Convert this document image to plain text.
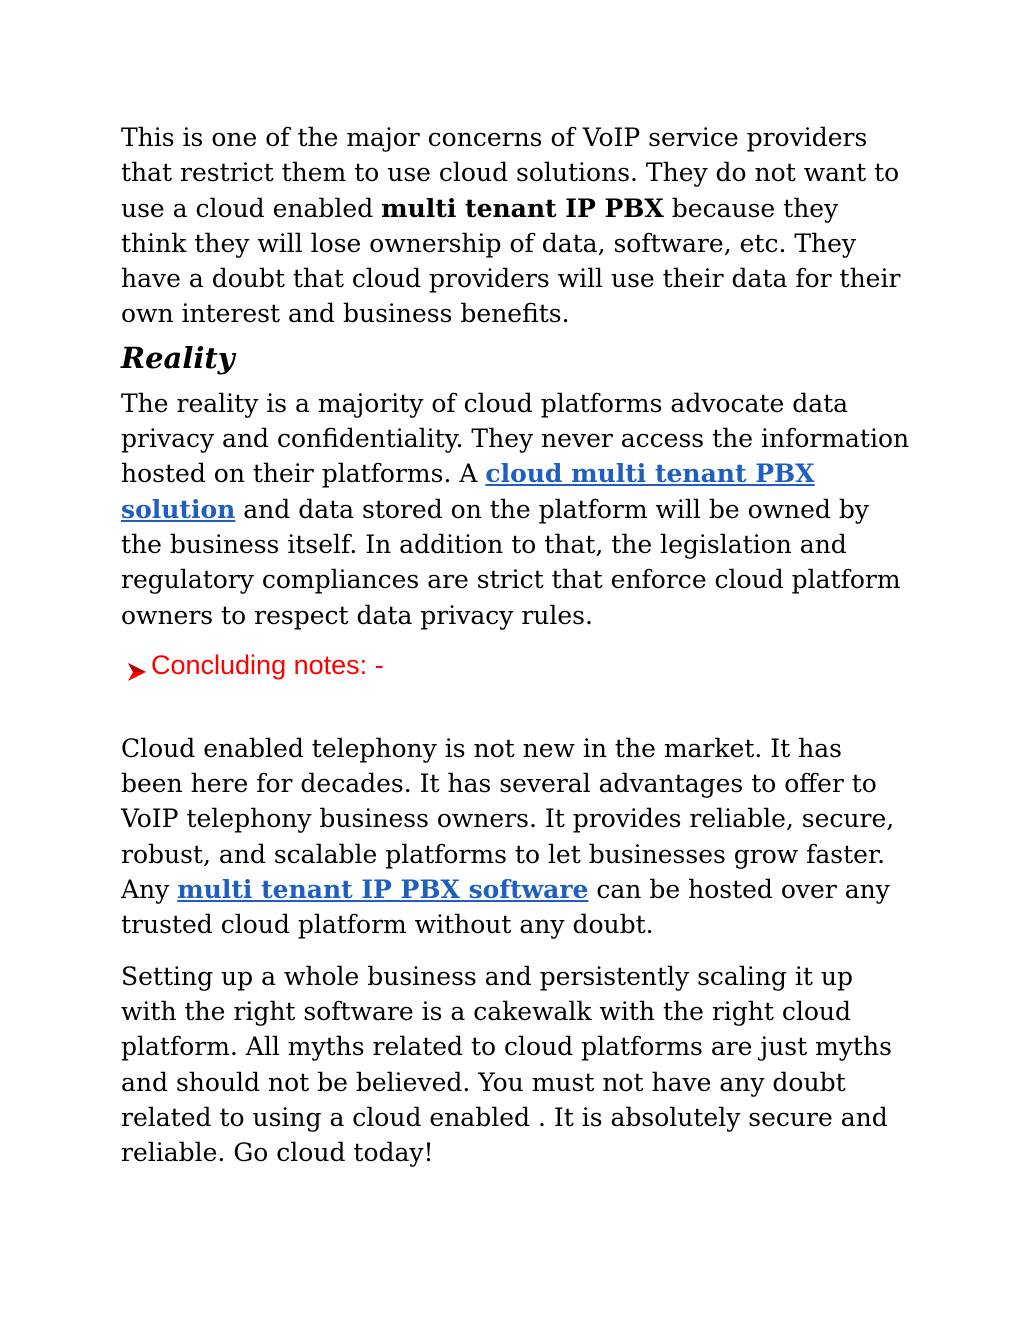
This is one of the major concerns of VoIP service providers that restrict them to use cloud solutions. They do not want to use a cloud enabled multi tenant IP PBX because they think they will lose ownership of data, software, etc. They have a doubt that cloud providers will use their data for their own interest and business benefits.

Reality

The reality is a majority of cloud platforms advocate data privacy and confidentiality. They never access the information hosted on their platforms. A cloud multi tenant PBX solution and data stored on the platform will be owned by the business itself. In addition to that, the legislation and regulatory compliances are strict that enforce cloud platform owners to respect data privacy rules.

Concluding notes: -

Cloud enabled telephony is not new in the market. It has been here for decades. It has several advantages to offer to VoIP telephony business owners. It provides reliable, secure, robust, and scalable platforms to let businesses grow faster. Any multi tenant IP PBX software can be hosted over any trusted cloud platform without any doubt.

Setting up a whole business and persistently scaling it up with the right software is a cakewalk with the right cloud platform. All myths related to cloud platforms are just myths and should not be believed. You must not have any doubt related to using a cloud enabled . It is absolutely secure and reliable. Go cloud today!
